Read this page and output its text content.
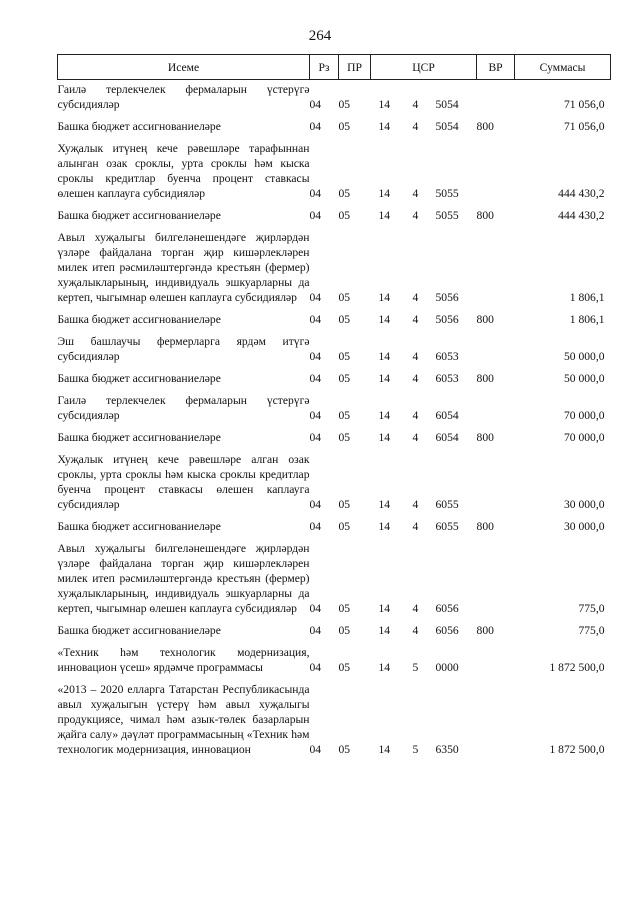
264
Исеме	Рз	ПР	ЦСР			ВР	Суммасы
Гаилә терлекчелек фермаларын үстерүгә субсидияләр	04	05	14	4	5054		71 056,0
Башка бюджет ассигнованиеләре	04	05	14	4	5054	800	71 056,0
Хуҗалык итүнең кече рәвешләре тарафыннан алынган озак сроклы, урта сроклы һәм кыска сроклы кредитлар буенча процент ставкасы өлешен каплауга субсидияләр	04	05	14	4	5055		444 430,2
Башка бюджет ассигнованиеләре	04	05	14	4	5055	800	444 430,2
Авыл хуҗалыгы билгеләнешендәге җирләрдән үзләре файдалана торган җир кишәрлекләрен милек итеп рәсмиләштергәндә крестьян (фермер) хуҗалыкларының, индивидуаль эшкуарларны да кертеп, чыгымнар өлешен каплауга субсидияләр	04	05	14	4	5056		1 806,1
Башка бюджет ассигнованиеләре	04	05	14	4	5056	800	1 806,1
Эш башлаучы фермерларга ярдәм итүгә субсидияләр	04	05	14	4	6053		50 000,0
Башка бюджет ассигнованиеләре	04	05	14	4	6053	800	50 000,0
Гаилә терлекчелек фермаларын үстерүгә субсидияләр	04	05	14	4	6054		70 000,0
Башка бюджет ассигнованиеләре	04	05	14	4	6054	800	70 000,0
Хуҗалык итүнең кече рәвешләре алган озак сроклы, урта сроклы һәм кыска сроклы кредитлар буенча процент ставкасы өлешен каплауга субсидияләр	04	05	14	4	6055		30 000,0
Башка бюджет ассигнованиеләре	04	05	14	4	6055	800	30 000,0
Авыл хуҗалыгы билгеләнешендәге җирләрдән үзләре файдалана торган җир кишәрлекләрен милек итеп рәсмиләштергәндә крестьян (фермер) хуҗалыкларының, индивидуаль эшкуарларны да кертеп, чыгымнар өлешен каплауга субсидияләр	04	05	14	4	6056		775,0
Башка бюджет ассигнованиеләре	04	05	14	4	6056	800	775,0
«Техник һәм технологик модернизация, инновацион үсеш» ярдәмче программасы	04	05	14	5	0000		1 872 500,0
«2013 – 2020 елларга Татарстан Республикасында авыл хуҗалыгын үстерү һәм авыл хуҗалыгы продукциясе, чимал һәм азык-төлек базарларын җайга салу» дәүләт программасының «Техник һәм технологик модернизация, инновацион	04	05	14	5	6350		1 872 500,0
